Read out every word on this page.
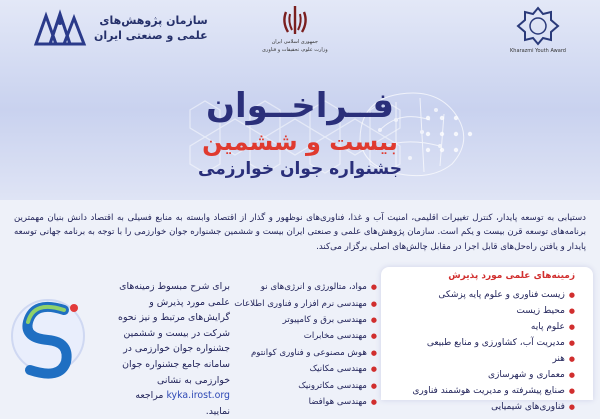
سازمان پژوهش‌های
علمی و صنعتی ایران	جمهوری اسلامی ایران
وزارت علوم، تحقیقات و فناوری	Kharazmi Youth Award
فــراخــوان
بیست و ششمین
جشنواره جوان خوارزمی
دستیابی به توسعه پایدار، کنترل تغییرات اقلیمی، امنیت آب و غذا، فناوری‌های نوظهور و گذار از اقتصاد وابسته به منابع فسیلی به اقتصاد دانش بنیان مهمترین برنامه‌های توسعه قرن بیست و یکم است. سازمان پژوهش‌های علمی و صنعتی ایران بیست و ششمین جشنواره جوان خوارزمی را با توجه به برنامه جهانی توسعه پایدار و یافتن راه‌حل‌های قابل اجرا در مقابل چالش‌های اصلی برگزار می‌کند.
برای شرح مبسوط زمینه‌های علمی مورد پذیرش و گرایش‌های مرتبط و نیز نحوه شرکت در بیست و ششمین جشنواره جوان خوارزمی در سامانه جامع جشنواره جوان خوارزمی به نشانی kyka.irost.org مراجعه نمایید.
●
مواد، متالورژی و انرژی‌های نو
●
مهندسی نرم افزار و فناوری اطلاعات
●
مهندسی برق و کامپیوتر
●
مهندسی مخابرات
●
هوش مصنوعی و فناوری کوانتوم
●
مهندسی مکانیک
●
مهندسی مکاترونیک
●
مهندسی هوافضا
زمینه‌های علمی مورد پذیرش
●
زیست فناوری و علوم پایه پزشکی
●
محیط زیست
●
علوم پایه
●
مدیریت آب، کشاورزی و منابع طبیعی
●
هنر
●
معماری و شهرسازی
●
صنایع پیشرفته و مدیریت هوشمند فناوری
●
فناوری‌های شیمیایی
